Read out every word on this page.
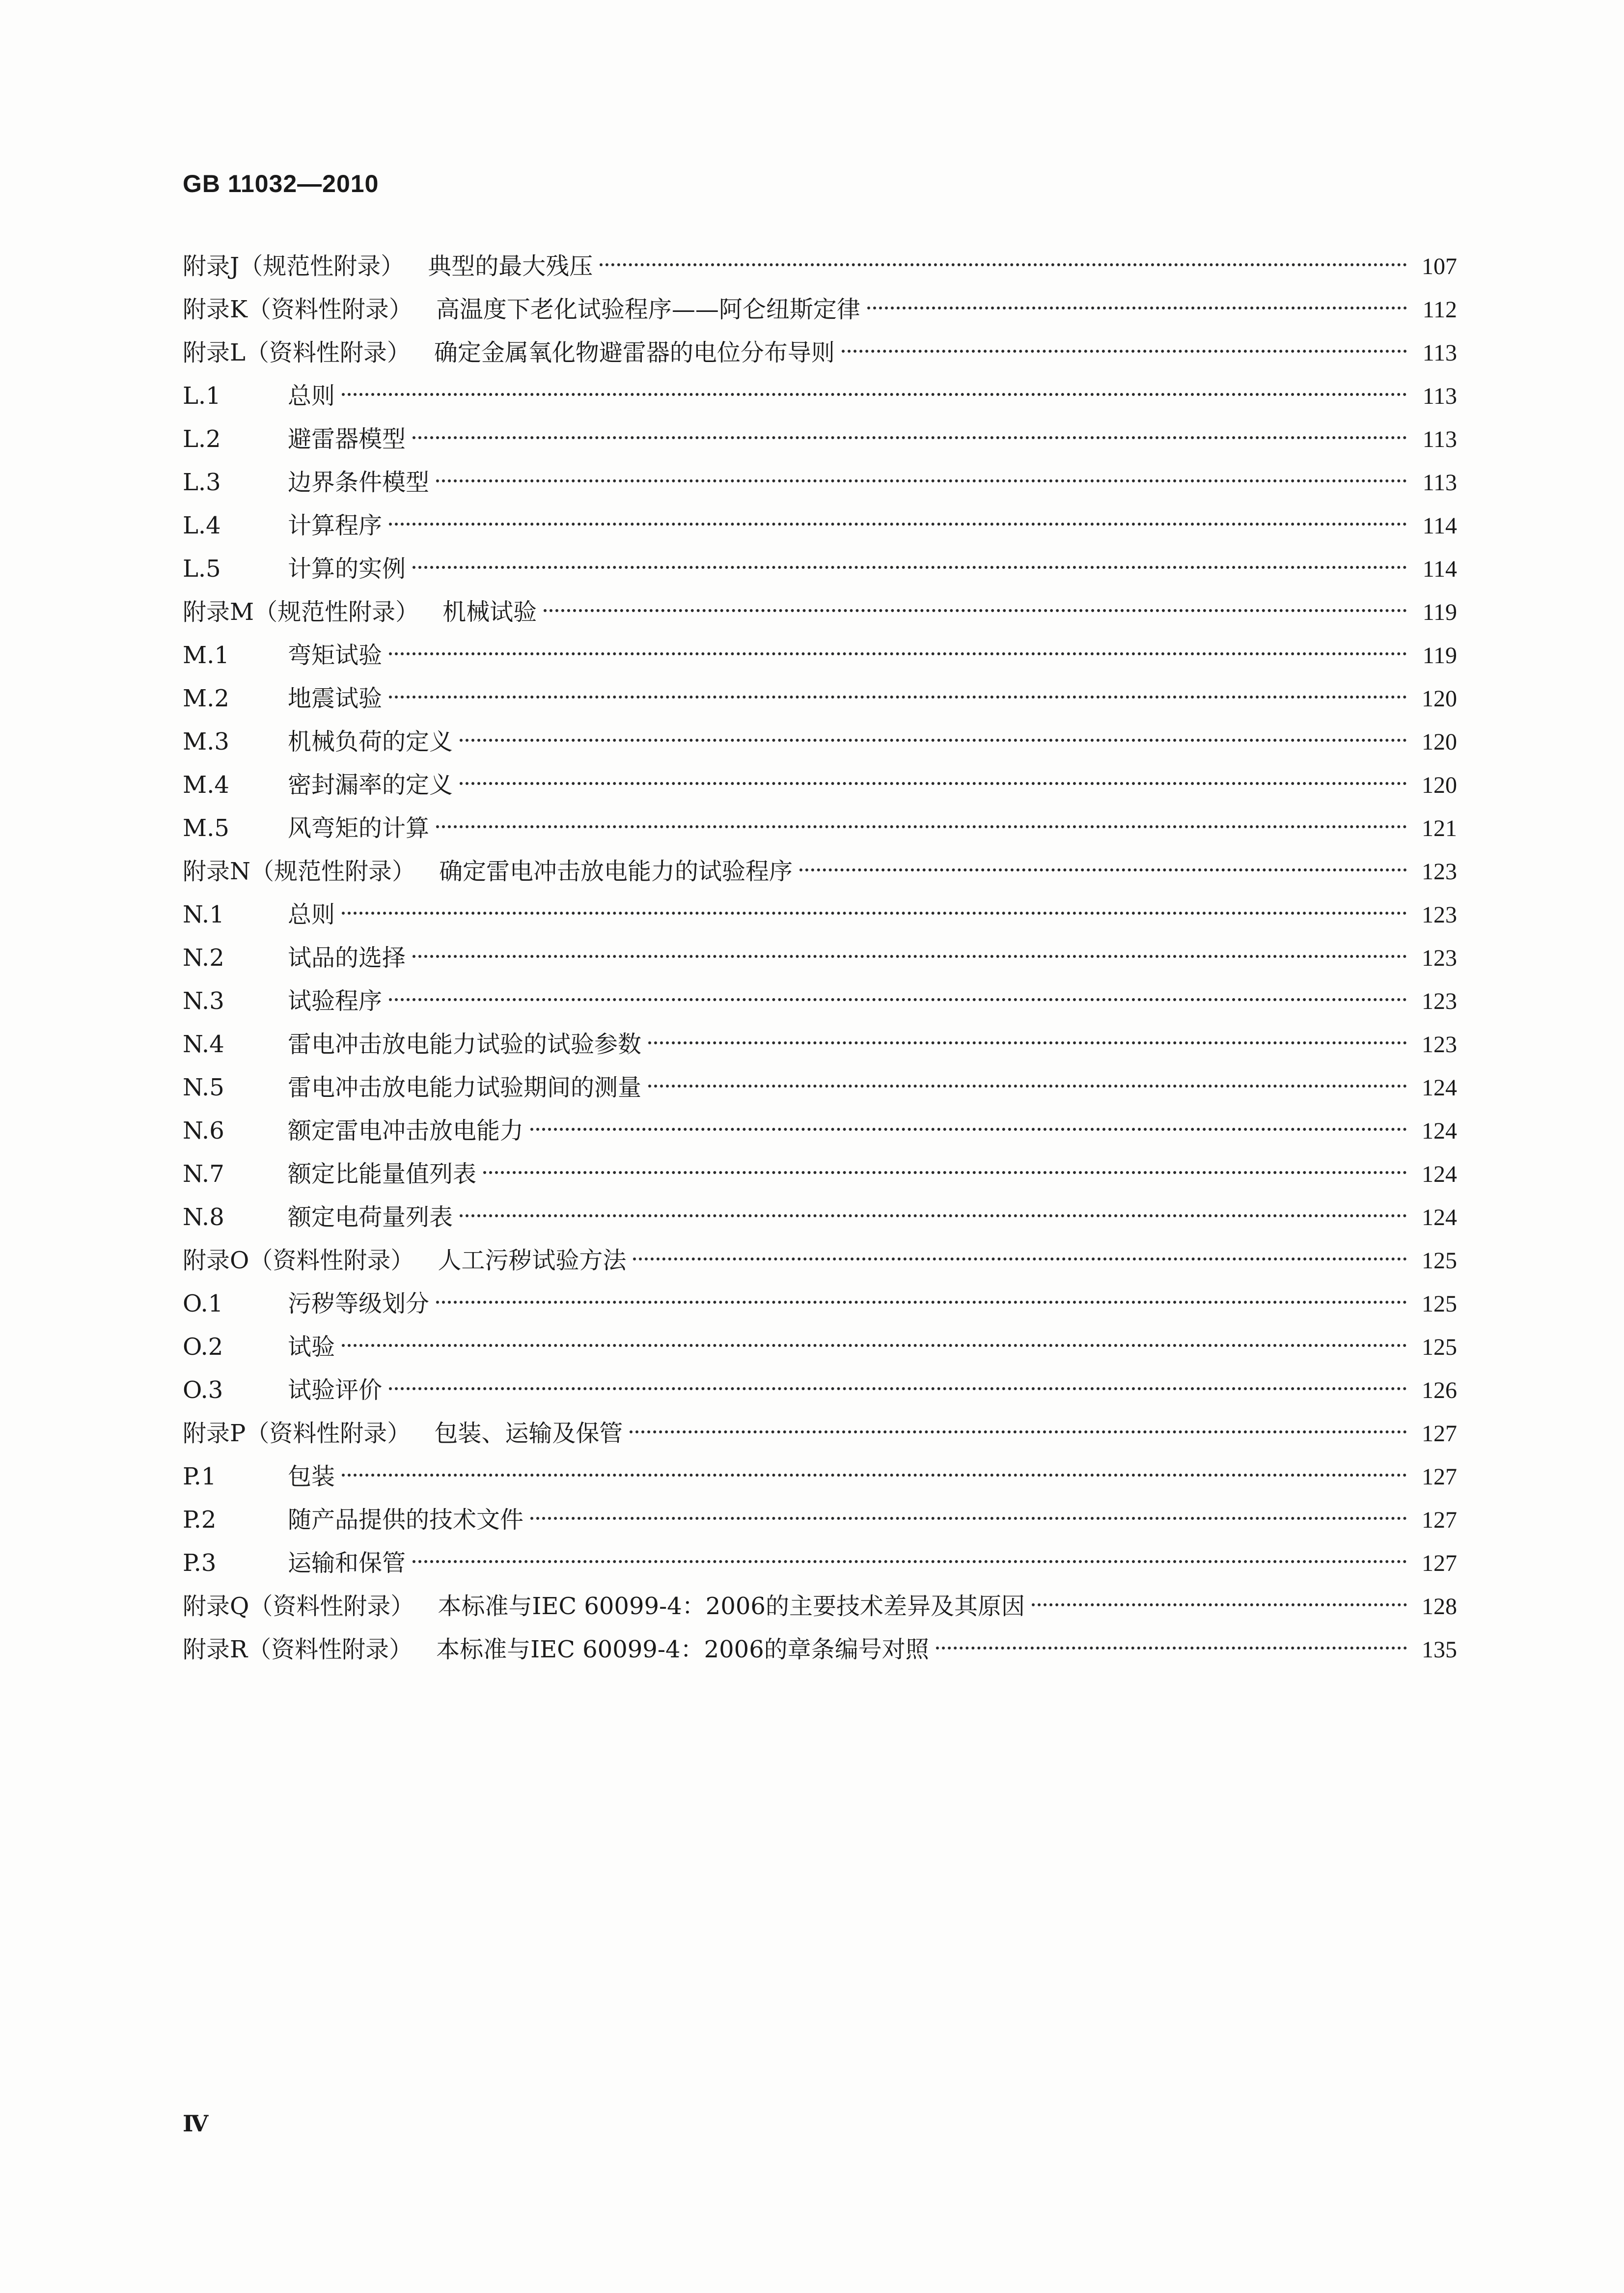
GB 11032—2010
附录J（规范性附录） 典型的最大残压	107
附录K（资料性附录） 高温度下老化试验程序——阿仑纽斯定律	112
附录L（资料性附录） 确定金属氧化物避雷器的电位分布导则	113
L.1	总则	113
L.2	避雷器模型	113
L.3	边界条件模型	113
L.4	计算程序	114
L.5	计算的实例	114
附录M（规范性附录） 机械试验	119
M.1	弯矩试验	119
M.2	地震试验	120
M.3	机械负荷的定义	120
M.4	密封漏率的定义	120
M.5	风弯矩的计算	121
附录N（规范性附录） 确定雷电冲击放电能力的试验程序	123
N.1	总则	123
N.2	试品的选择	123
N.3	试验程序	123
N.4	雷电冲击放电能力试验的试验参数	123
N.5	雷电冲击放电能力试验期间的测量	124
N.6	额定雷电冲击放电能力	124
N.7	额定比能量值列表	124
N.8	额定电荷量列表	124
附录O（资料性附录） 人工污秽试验方法	125
O.1	污秽等级划分	125
O.2	试验	125
O.3	试验评价	126
附录P（资料性附录） 包装、运输及保管	127
P.1	包装	127
P.2	随产品提供的技术文件	127
P.3	运输和保管	127
附录Q（资料性附录） 本标准与IEC 60099-4：2006的主要技术差异及其原因	128
附录R（资料性附录） 本标准与IEC 60099-4：2006的章条编号对照	135
Ⅳ
